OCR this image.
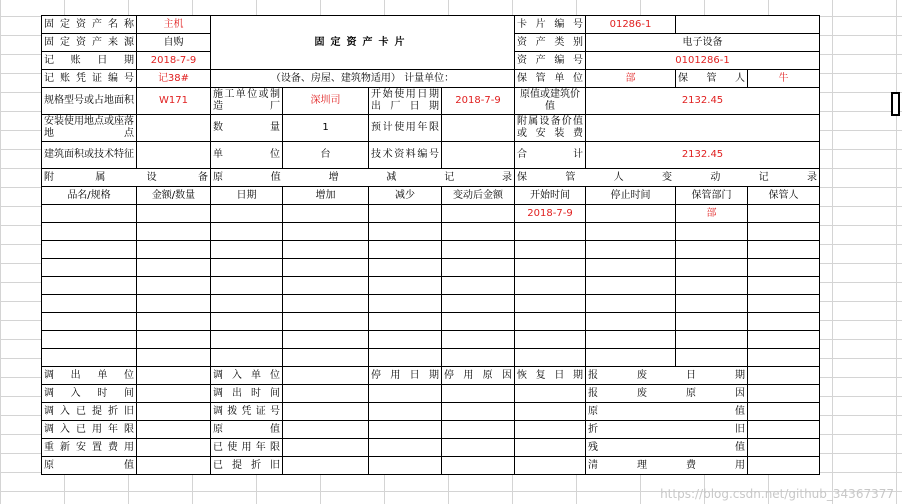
固定资产名称	主机	固定资产卡片				卡片编号	01286-1		
固定资产来源	自购					资产类别	电子设备		
记账日期	2018-7-9					资产编号	0101286-1		
记账凭证编号	记38#	（设备、房屋、建筑物适用） 计量单位：				保管单位	部	保管人	牛
规格型号或占地面积	W171	施工单位或制造厂	深圳司	开始使用日期出厂日期	2018-7-9	原值或建筑价值	2132.45		
安装使用地点或座落地点		数量	1	预计使用年限		附属设备价值或安装费			
建筑面积或技术特征		单位	台	技术资料编号		合计	2132.45		
附属设备		原值增减记录				保管人变动记录			
品名/规格	金额/数量	日期	增加	减少	变动后金额	开始时间	停止时间	保管部门	保管人
						2018-7-9		部	

调出单位		调入单位		停用日期	停用原因	恢复日期	报废日期		
调入时间		调出时间					报废原因		
调入已提折旧		调拨凭证号					原值		
调入已用年限		原值					折旧		
重新安置费用		已使用年限					残值		
原值		已提折旧					清理费用		
https://blog.csdn.net/github_34367377
